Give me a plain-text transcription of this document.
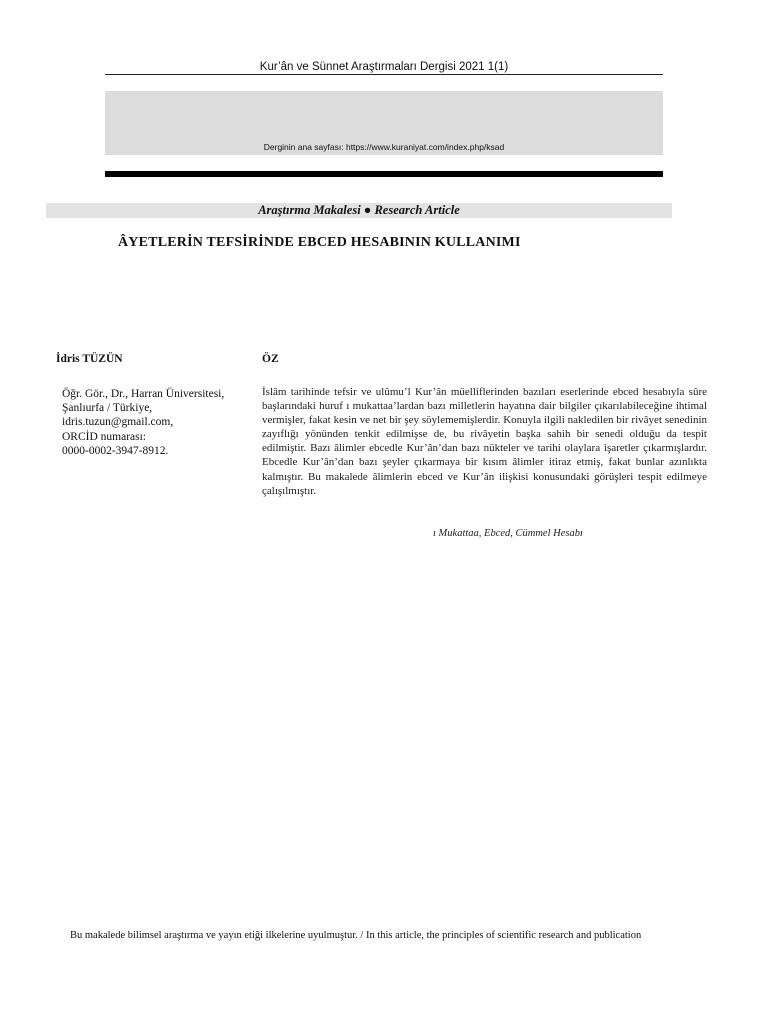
Kur’ân ve Sünnet Araştırmaları Dergisi 2021 1(1)
Derginin ana sayfası: https://www.kuraniyat.com/index.php/ksad
Araştırma Makalesi ● Research Article
ÂYETLERİN TEFSİRİNDE EBCED HESABININ KULLANIMI
İdris TÜZÜN	ÖZ
Öğr. Gör., Dr., Harran Üniversitesi,
Şanlıurfa / Türkiye,
idris.tuzun@gmail.com,
ORCİD numarası:
0000-0002-3947-8912.
İslâm tarihinde tefsir ve ulûmu’l Kur’ân müelliflerinden bazıları eserlerinde ebced hesabıyla sûre başlarındaki huruf ı mukattaa’lardan bazı milletlerin hayatına dair bilgiler çıkarılabileceğine ihtimal vermişler, fakat kesin ve net bir şey söylememişlerdir. Konuyla ilgili nakledilen bir rivâyet senedinin zayıflığı yönünden tenkit edilmişse de, bu rivâyetin başka sahih bir senedi olduğu da tespit edilmiştir. Bazı âlimler ebcedle Kur’ân’dan bazı nükteler ve tarihi olaylara işaretler çıkarmışlardır. Ebcedle Kur’ân’dan bazı şeyler çıkarmaya bir kısım âlimler itiraz etmiş, fakat bunlar azınlıkta kalmıştır. Bu makalede âlimlerin ebced ve Kur’ân ilişkisi konusundaki görüşleri tespit edilmeye çalışılmıştır.
ı Mukattaa, Ebced, Cümmel Hesabı
Bu makalede bilimsel araştırma ve yayın etiği ilkelerine uyulmuştur. / In this article, the principles of scientific research and publication
